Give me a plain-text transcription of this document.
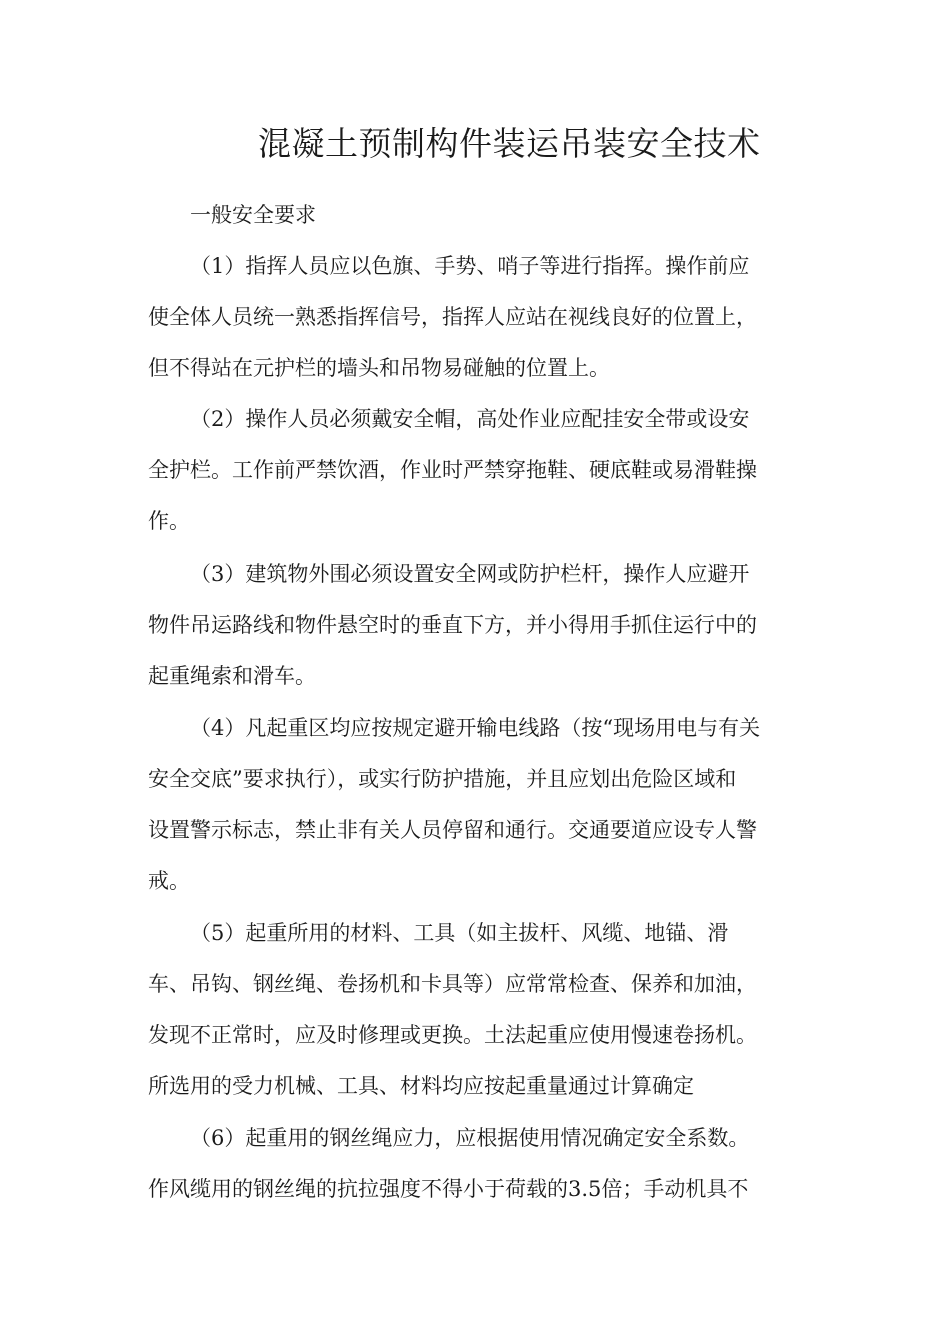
混凝土预制构件装运吊装安全技术
一般安全要求
（1）指挥人员应以色旗、手势、哨子等进行指挥。操作前应
使全体人员统一熟悉指挥信号，指挥人应站在视线良好的位置上，
但不得站在元护栏的墙头和吊物易碰触的位置上。
（2）操作人员必须戴安全帽，高处作业应配挂安全带或设安
全护栏。工作前严禁饮酒，作业时严禁穿拖鞋、硬底鞋或易滑鞋操
作。
（3）建筑物外围必须设置安全网或防护栏杆，操作人应避开
物件吊运路线和物件悬空时的垂直下方，并小得用手抓住运行中的
起重绳索和滑车。
（4）凡起重区均应按规定避开输电线路（按“现场用电与有关
安全交底”要求执行），或实行防护措施，并且应划出危险区域和
设置警示标志，禁止非有关人员停留和通行。交通要道应设专人警
戒。
（5）起重所用的材料、工具（如主拔杆、风缆、地锚、滑
车、吊钩、钢丝绳、卷扬机和卡具等）应常常检查、保养和加油，
发现不正常时，应及时修理或更换。土法起重应使用慢速卷扬机。
所选用的受力机械、工具、材料均应按起重量通过计算确定
（6）起重用的钢丝绳应力，应根据使用情况确定安全系数。
作风缆用的钢丝绳的抗拉强度不得小于荷载的3.5倍；手动机具不
